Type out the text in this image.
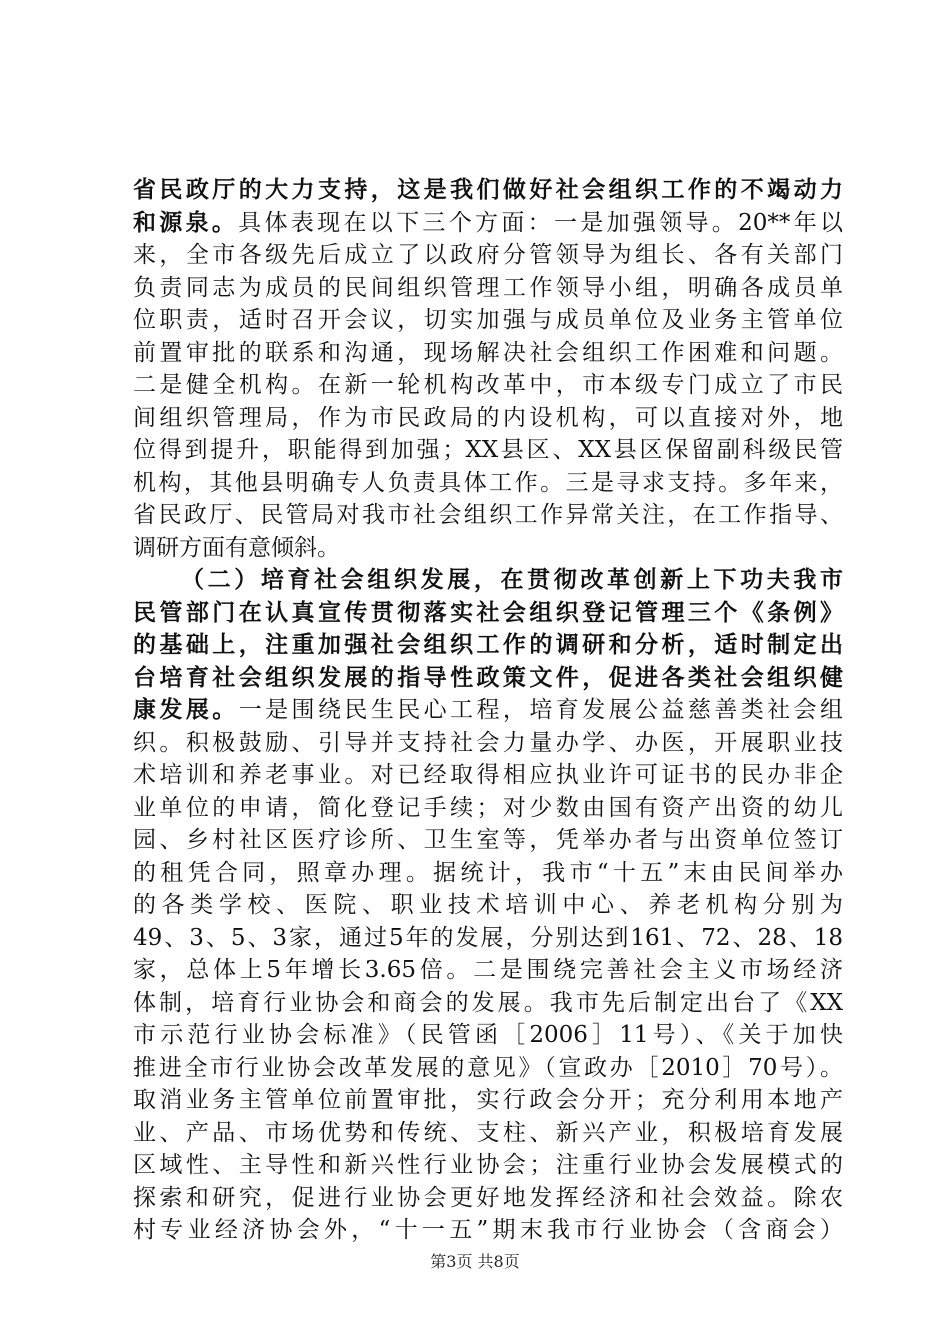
省民政厅的大力支持，这是我们做好社会组织工作的不竭动力
和源泉。具体表现在以下三个方面：一是加强领导。20**年以
来，全市各级先后成立了以政府分管领导为组长、各有关部门
负责同志为成员的民间组织管理工作领导小组，明确各成员单
位职责，适时召开会议，切实加强与成员单位及业务主管单位
前置审批的联系和沟通，现场解决社会组织工作困难和问题。
二是健全机构。在新一轮机构改革中，市本级专门成立了市民
间组织管理局，作为市民政局的内设机构，可以直接对外，地
位得到提升，职能得到加强；XX县区、XX县区保留副科级民管
机构，其他县明确专人负责具体工作。三是寻求支持。多年来，
省民政厅、民管局对我市社会组织工作异常关注，在工作指导、
调研方面有意倾斜。
（二）培育社会组织发展，在贯彻改革创新上下功夫我市
民管部门在认真宣传贯彻落实社会组织登记管理三个《条例》
的基础上，注重加强社会组织工作的调研和分析，适时制定出
台培育社会组织发展的指导性政策文件，促进各类社会组织健
康发展。一是围绕民生民心工程，培育发展公益慈善类社会组
织。积极鼓励、引导并支持社会力量办学、办医，开展职业技
术培训和养老事业。对已经取得相应执业许可证书的民办非企
业单位的申请，简化登记手续；对少数由国有资产出资的幼儿
园、乡村社区医疗诊所、卫生室等，凭举办者与出资单位签订
的租凭合同，照章办理。据统计，我市“十五”末由民间举办
的各类学校、医院、职业技术培训中心、养老机构分别为
49、3、5、3家，通过5年的发展，分别达到161、72、28、18
家，总体上5年增长3.65倍。二是围绕完善社会主义市场经济
体制，培育行业协会和商会的发展。我市先后制定出台了《XX
市示范行业协会标准》（民管函［2006］11号）、《关于加快
推进全市行业协会改革发展的意见》（宣政办［2010］70号）。
取消业务主管单位前置审批，实行政会分开；充分利用本地产
业、产品、市场优势和传统、支柱、新兴产业，积极培育发展
区域性、主导性和新兴性行业协会；注重行业协会发展模式的
探索和研究，促进行业协会更好地发挥经济和社会效益。除农
村专业经济协会外，“十一五”期末我市行业协会（含商会）
第3页 共8页
